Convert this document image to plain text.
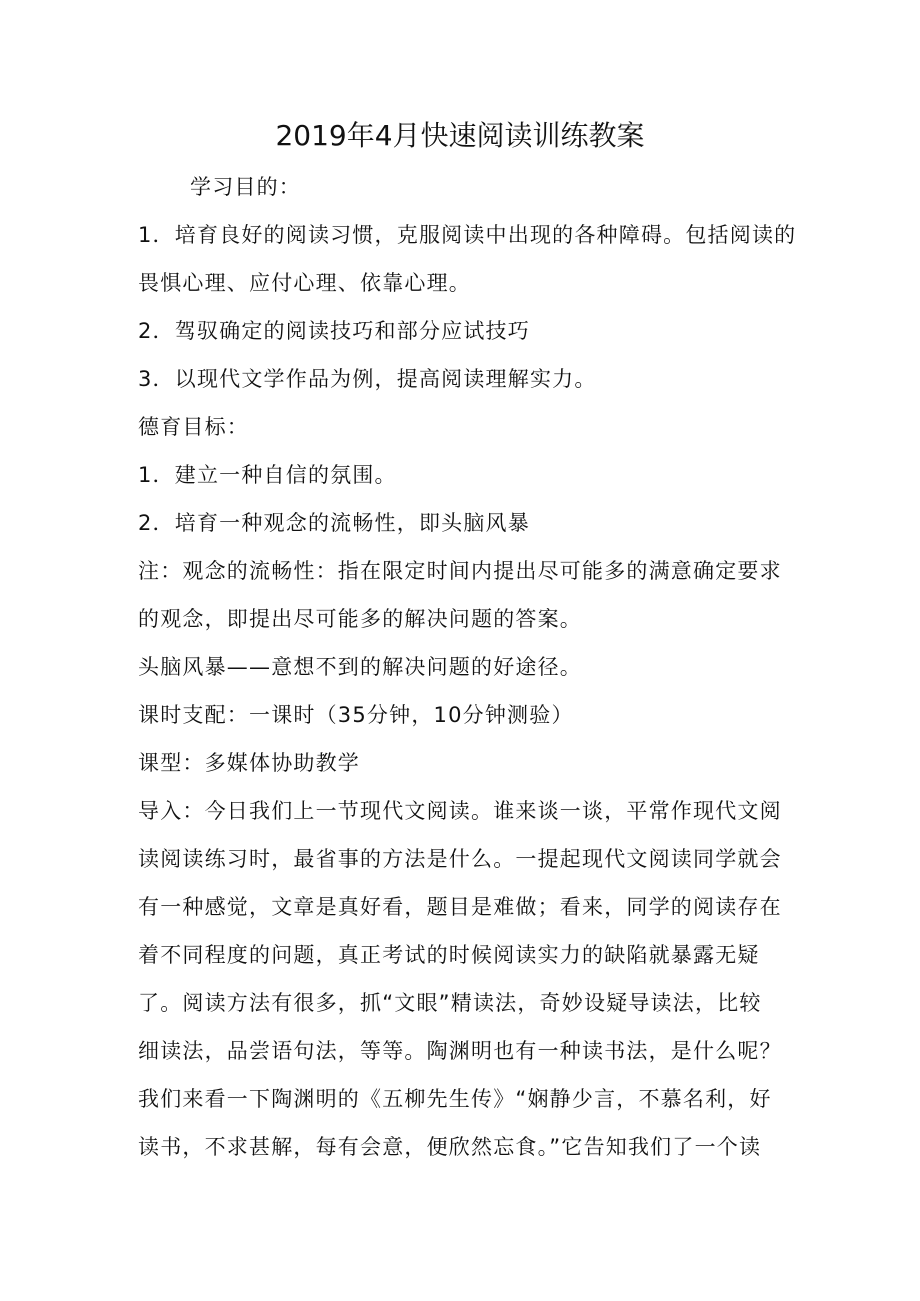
2019年4月快速阅读训练教案
学习目的：
1．培育良好的阅读习惯，克服阅读中出现的各种障碍。包括阅读的
畏惧心理、应付心理、依靠心理。
2．驾驭确定的阅读技巧和部分应试技巧
3．以现代文学作品为例，提高阅读理解实力。
德育目标：
1．建立一种自信的氛围。
2．培育一种观念的流畅性，即头脑风暴
注：观念的流畅性：指在限定时间内提出尽可能多的满意确定要求
的观念，即提出尽可能多的解决问题的答案。
头脑风暴——意想不到的解决问题的好途径。
课时支配：一课时（35分钟，10分钟测验）
课型：多媒体协助教学
导入：今日我们上一节现代文阅读。谁来谈一谈，平常作现代文阅
读阅读练习时，最省事的方法是什么。一提起现代文阅读同学就会
有一种感觉，文章是真好看，题目是难做；看来，同学的阅读存在
着不同程度的问题，真正考试的时候阅读实力的缺陷就暴露无疑
了。阅读方法有很多，抓“文眼”精读法，奇妙设疑导读法，比较
细读法，品尝语句法，等等。陶渊明也有一种读书法，是什么呢？
我们来看一下陶渊明的《五柳先生传》“娴静少言，不慕名利，好
读书，不求甚解，每有会意，便欣然忘食。”它告知我们了一个读
